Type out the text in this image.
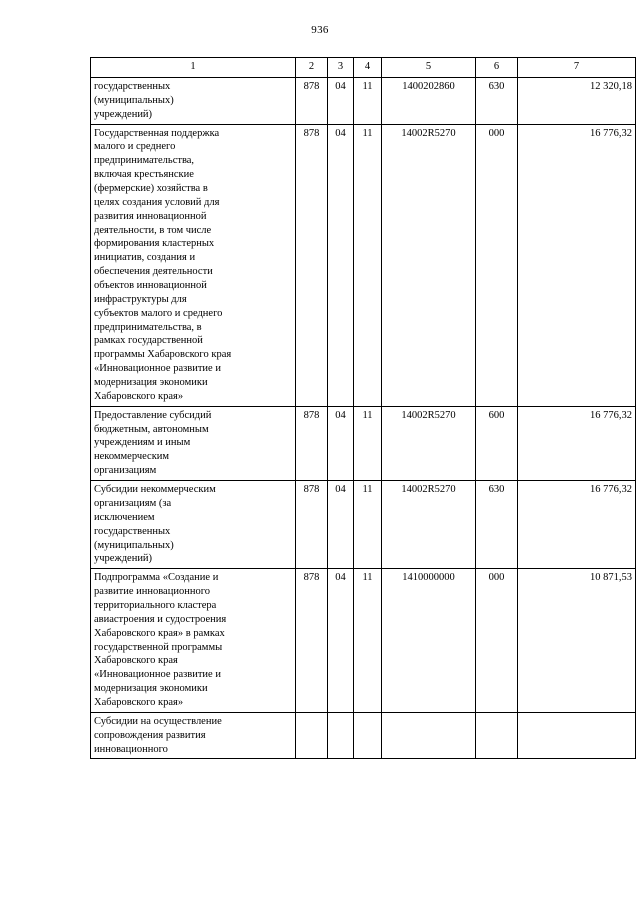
936
1	2	3	4	5	6	7

государственных
(муниципальных)
учреждений)	878	04	11	1400202860	630	12 320,18

Государственная поддержка
малого и среднего
предпринимательства,
включая крестьянские
(фермерские) хозяйства в
целях создания условий для
развития инновационной
деятельности, в том числе
формирования кластерных
инициатив, создания и
обеспечения деятельности
объектов инновационной
инфраструктуры для
субъектов малого и среднего
предпринимательства, в
рамках государственной
программы Хабаровского края
«Инновационное развитие и
модернизация экономики
Хабаровского края»
	878	04	11	14002R5270	000	16 776,32

Предоставление субсидий
бюджетным, автономным
учреждениям и иным
некоммерческим
организациям	878	04	11	14002R5270	600	16 776,32

Субсидии некоммерческим
организациям (за
исключением
государственных
(муниципальных)
учреждений)
	878	04	11	14002R5270	630	16 776,32

Подпрограмма «Создание и
развитие инновационного
территориального кластера
авиастроения и судостроения
Хабаровского края» в рамках
государственной программы
Хабаровского края
«Инновационное развитие и
модернизация экономики
Хабаровского края»
	878	04	11	1410000000	000	10 871,53

Субсидии на осуществление
сопровождения развития
инновационного						
